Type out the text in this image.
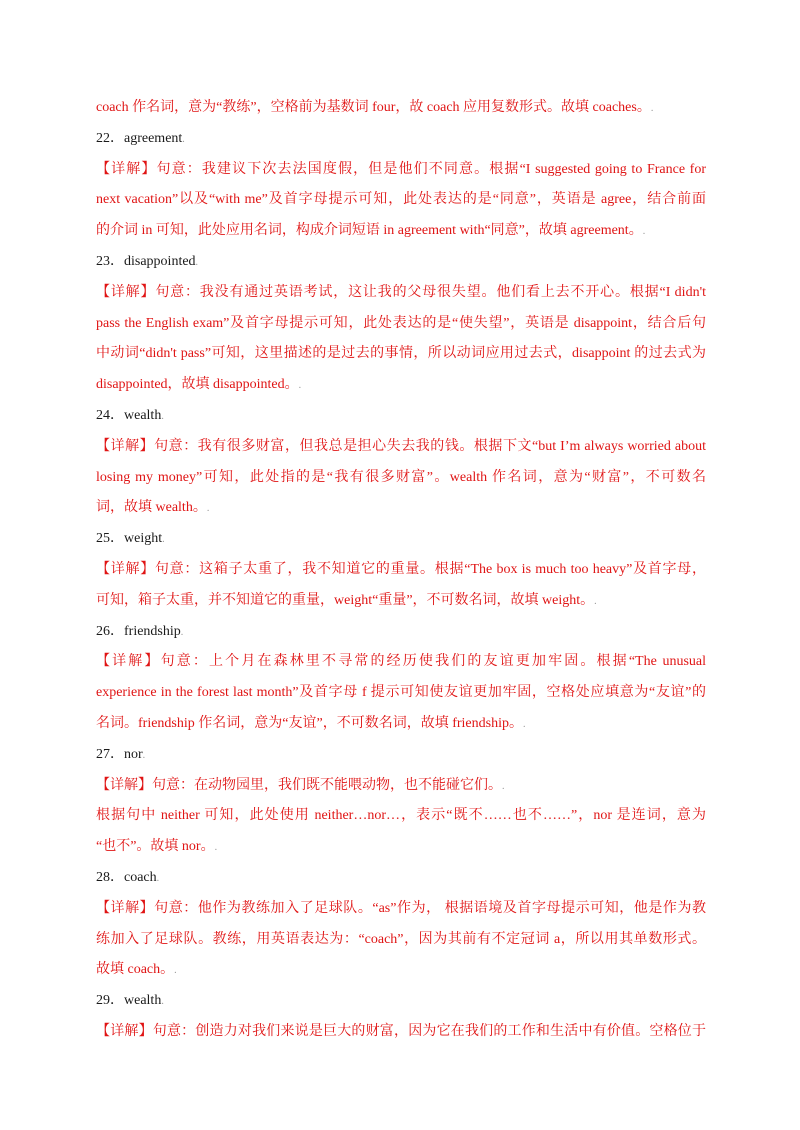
coach 作名词，意为“教练”，空格前为基数词 four，故 coach 应用复数形式。故填 coaches。.
22．agreement.
【详解】句意：我建议下次去法国度假，但是他们不同意。根据“I suggested going to France for
next vacation”以及“with me”及首字母提示可知，此处表达的是“同意”，英语是 agree，结合前面
的介词 in 可知，此处应用名词，构成介词短语 in agreement with“同意”，故填 agreement。.
23．disappointed.
【详解】句意：我没有通过英语考试，这让我的父母很失望。他们看上去不开心。根据“I didn't
pass the English exam”及首字母提示可知，此处表达的是“使失望”，英语是 disappoint，结合后句
中动词“didn't pass”可知，这里描述的是过去的事情，所以动词应用过去式，disappoint 的过去式为
disappointed，故填 disappointed。.
24．wealth.
【详解】句意：我有很多财富，但我总是担心失去我的钱。根据下文“but I’m always worried about
losing my money”可知，此处指的是“我有很多财富”。wealth 作名词，意为“财富”，不可数名
词，故填 wealth。.
25．weight.
【详解】句意：这箱子太重了，我不知道它的重量。根据“The box is much too heavy”及首字母，
可知，箱子太重，并不知道它的重量，weight“重量”，不可数名词，故填 weight。.
26．friendship.
【详解】句意：上个月在森林里不寻常的经历使我们的友谊更加牢固。根据“The unusual
experience in the forest last month”及首字母 f 提示可知使友谊更加牢固，空格处应填意为“友谊”的
名词。friendship 作名词，意为“友谊”，不可数名词，故填 friendship。.
27．nor.
【详解】句意：在动物园里，我们既不能喂动物，也不能碰它们。.
根据句中 neither 可知，此处使用 neither…nor…，表示“既不……也不……”，nor 是连词，意为
“也不”。故填 nor。.
28．coach.
【详解】句意：他作为教练加入了足球队。“as”作为， 根据语境及首字母提示可知，他是作为教
练加入了足球队。教练，用英语表达为：“coach”，因为其前有不定冠词 a，所以用其单数形式。
故填 coach。.
29．wealth.
【详解】句意：创造力对我们来说是巨大的财富，因为它在我们的工作和生活中有价值。空格位于
